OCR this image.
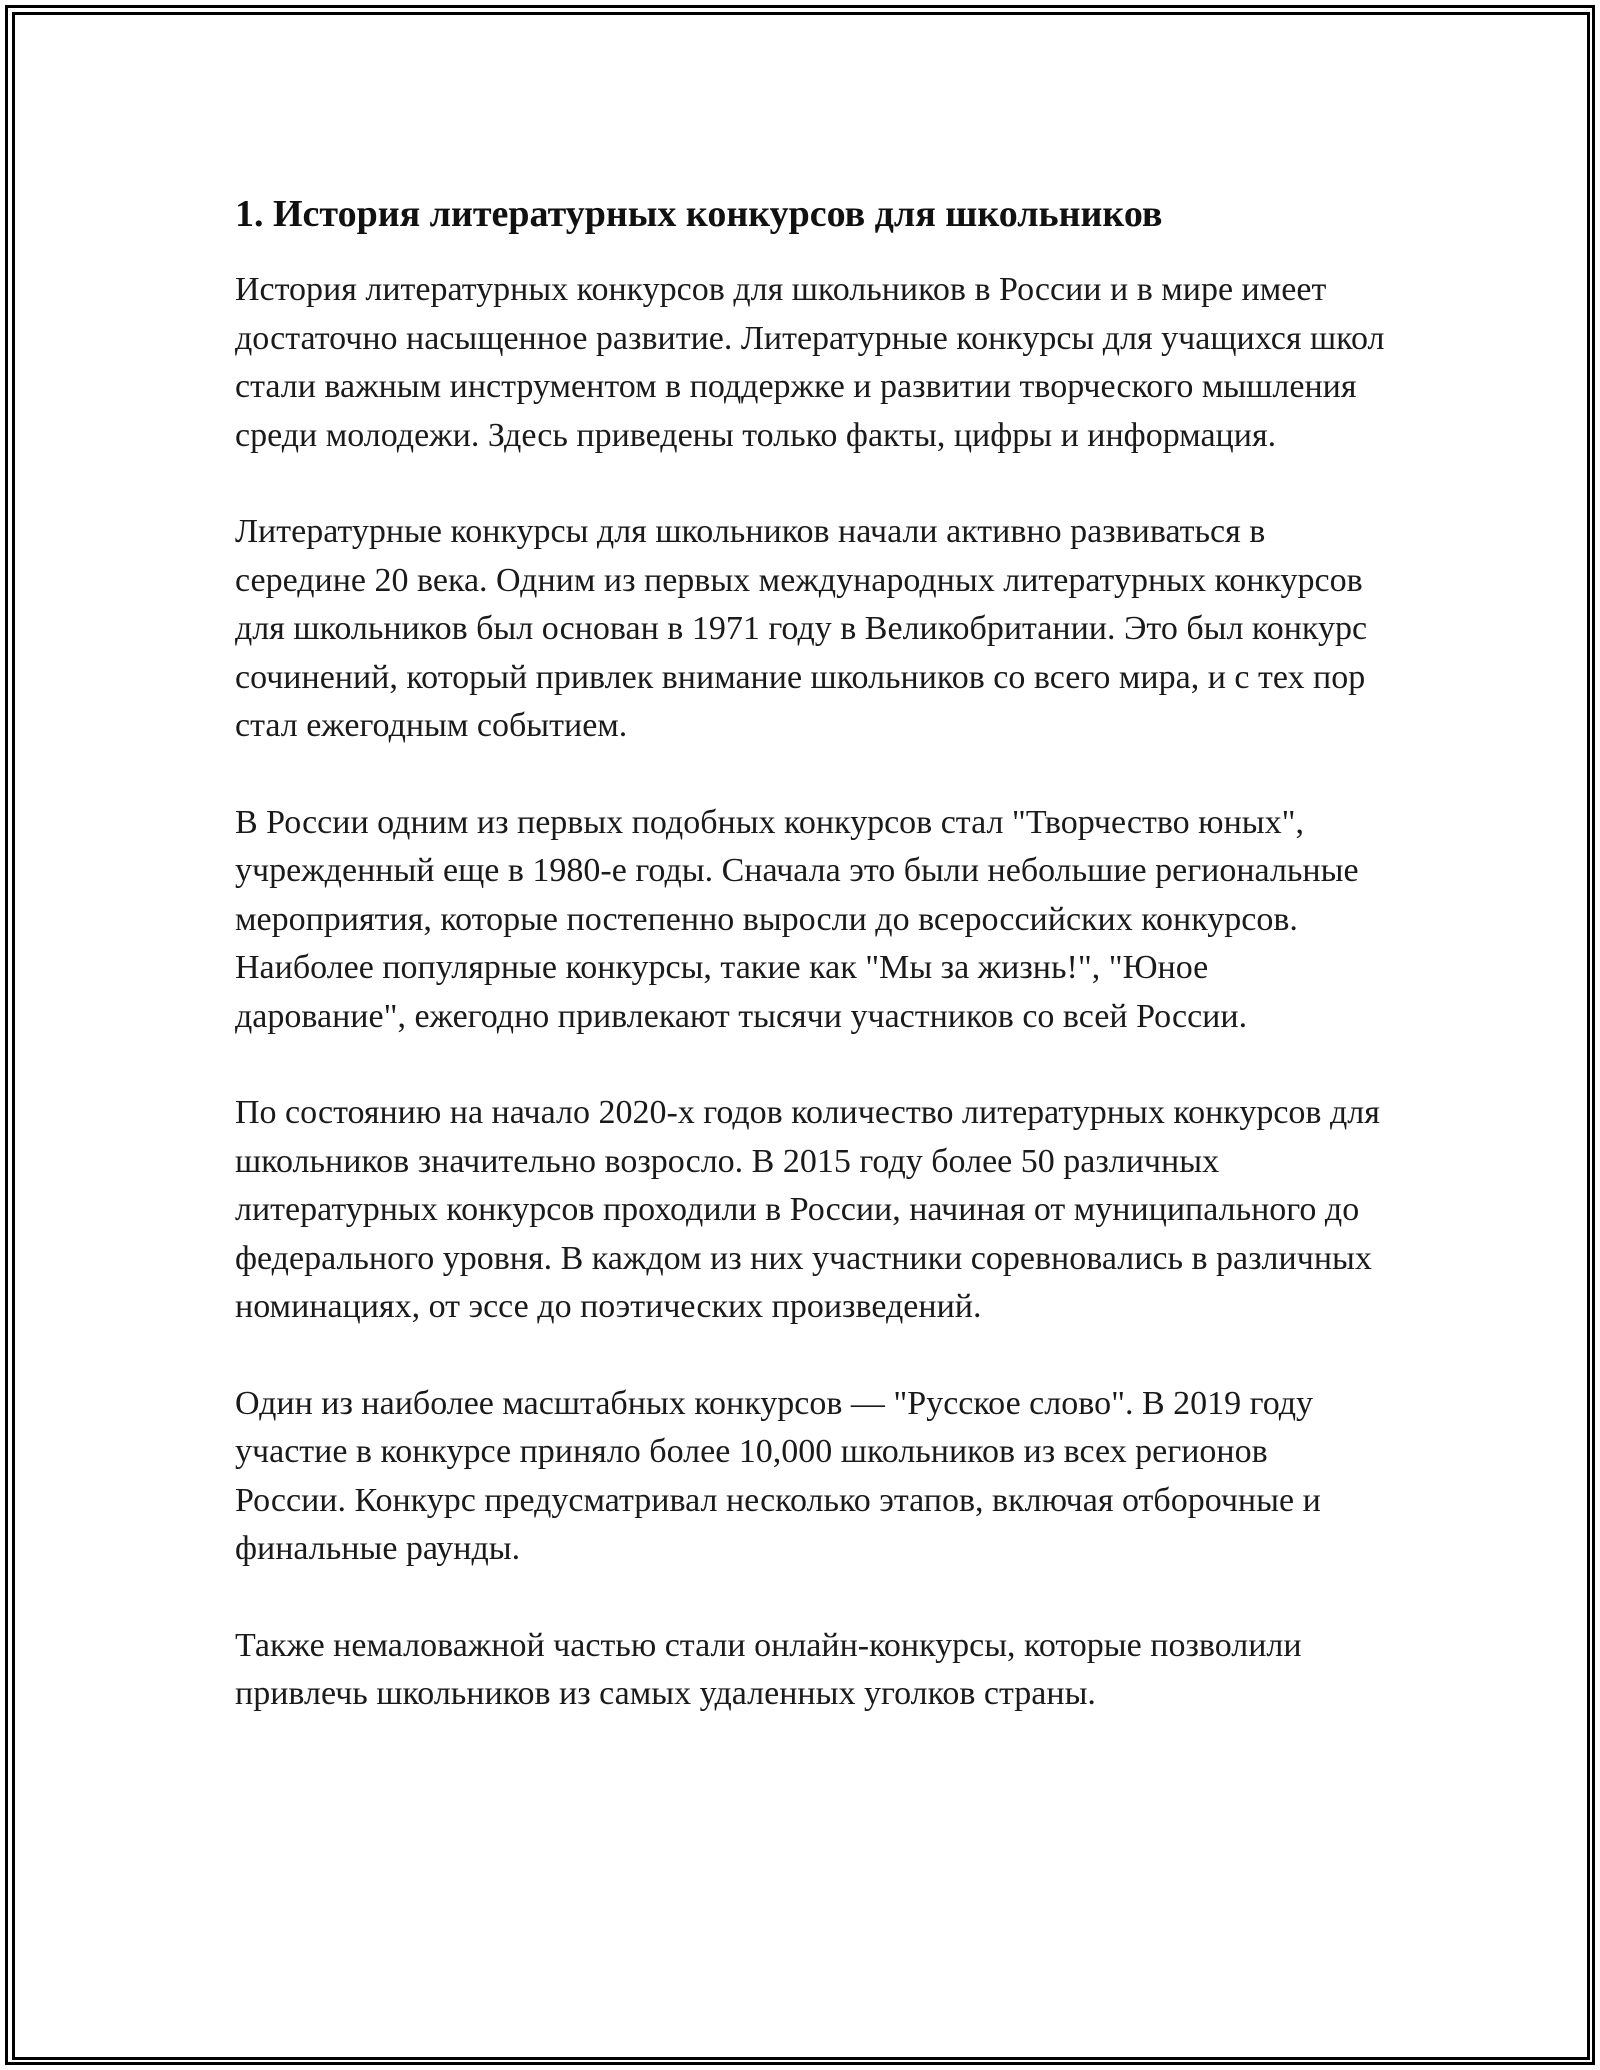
1. История литературных конкурсов для школьников

История литературных конкурсов для школьников в России и в мире имеет достаточно насыщенное развитие. Литературные конкурсы для учащихся школ стали важным инструментом в поддержке и развитии творческого мышления среди молодежи. Здесь приведены только факты, цифры и информация.

Литературные конкурсы для школьников начали активно развиваться в середине 20 века. Одним из первых международных литературных конкурсов для школьников был основан в 1971 году в Великобритании. Это был конкурс сочинений, который привлек внимание школьников со всего мира, и с тех пор стал ежегодным событием.

В России одним из первых подобных конкурсов стал "Творчество юных", учрежденный еще в 1980-е годы. Сначала это были небольшие региональные мероприятия, которые постепенно выросли до всероссийских конкурсов. Наиболее популярные конкурсы, такие как "Мы за жизнь!", "Юное дарование", ежегодно привлекают тысячи участников со всей России.

По состоянию на начало 2020-х годов количество литературных конкурсов для школьников значительно возросло. В 2015 году более 50 различных литературных конкурсов проходили в России, начиная от муниципального до федерального уровня. В каждом из них участники соревновались в различных номинациях, от эссе до поэтических произведений.

Один из наиболее масштабных конкурсов — "Русское слово". В 2019 году участие в конкурсе приняло более 10,000 школьников из всех регионов России. Конкурс предусматривал несколько этапов, включая отборочные и финальные раунды.

Также немаловажной частью стали онлайн-конкурсы, которые позволили привлечь школьников из самых удаленных уголков страны.
